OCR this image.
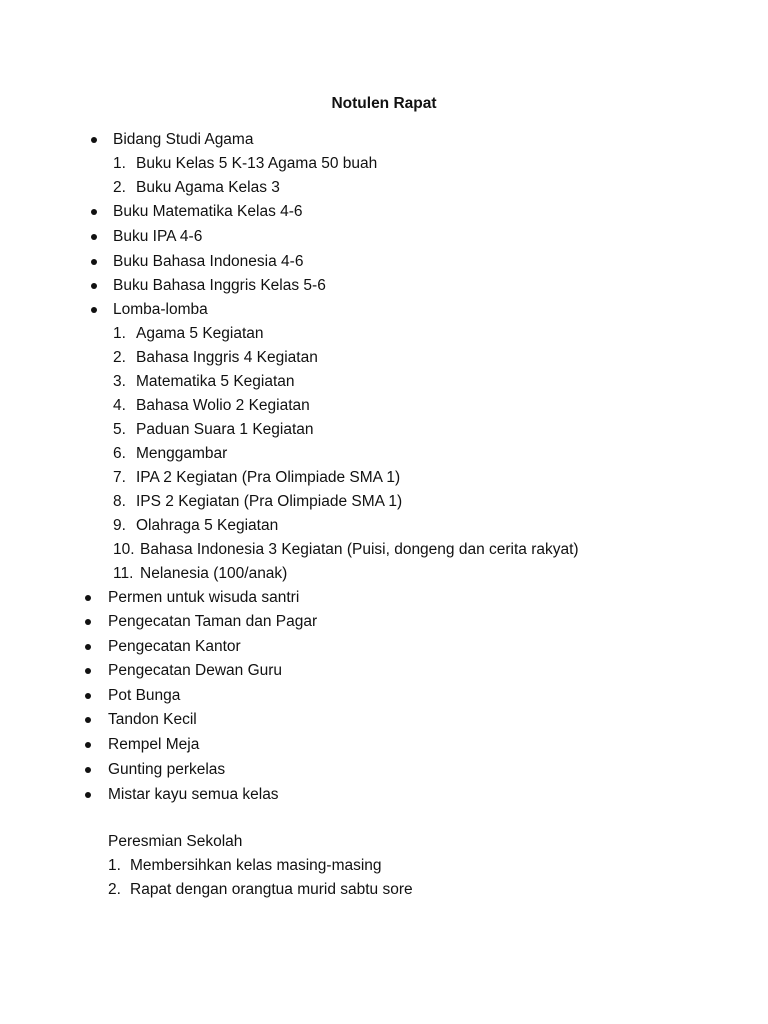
Notulen Rapat
Bidang Studi Agama
1. Buku Kelas 5 K-13 Agama 50 buah
2. Buku Agama Kelas 3
Buku Matematika Kelas 4-6
Buku IPA 4-6
Buku Bahasa Indonesia 4-6
Buku Bahasa Inggris Kelas 5-6
Lomba-lomba
1. Agama 5 Kegiatan
2. Bahasa Inggris 4 Kegiatan
3. Matematika 5 Kegiatan
4. Bahasa Wolio 2 Kegiatan
5. Paduan Suara 1 Kegiatan
6. Menggambar
7. IPA 2 Kegiatan (Pra Olimpiade SMA 1)
8. IPS 2 Kegiatan (Pra Olimpiade SMA 1)
9. Olahraga 5 Kegiatan
10. Bahasa Indonesia 3 Kegiatan (Puisi, dongeng dan cerita rakyat)
11. Nelanesia (100/anak)
Permen untuk wisuda santri
Pengecatan Taman dan Pagar
Pengecatan Kantor
Pengecatan Dewan Guru
Pot Bunga
Tandon Kecil
Rempel Meja
Gunting perkelas
Mistar kayu semua kelas
Peresmian Sekolah
1. Membersihkan kelas masing-masing
2. Rapat dengan orangtua murid sabtu sore
